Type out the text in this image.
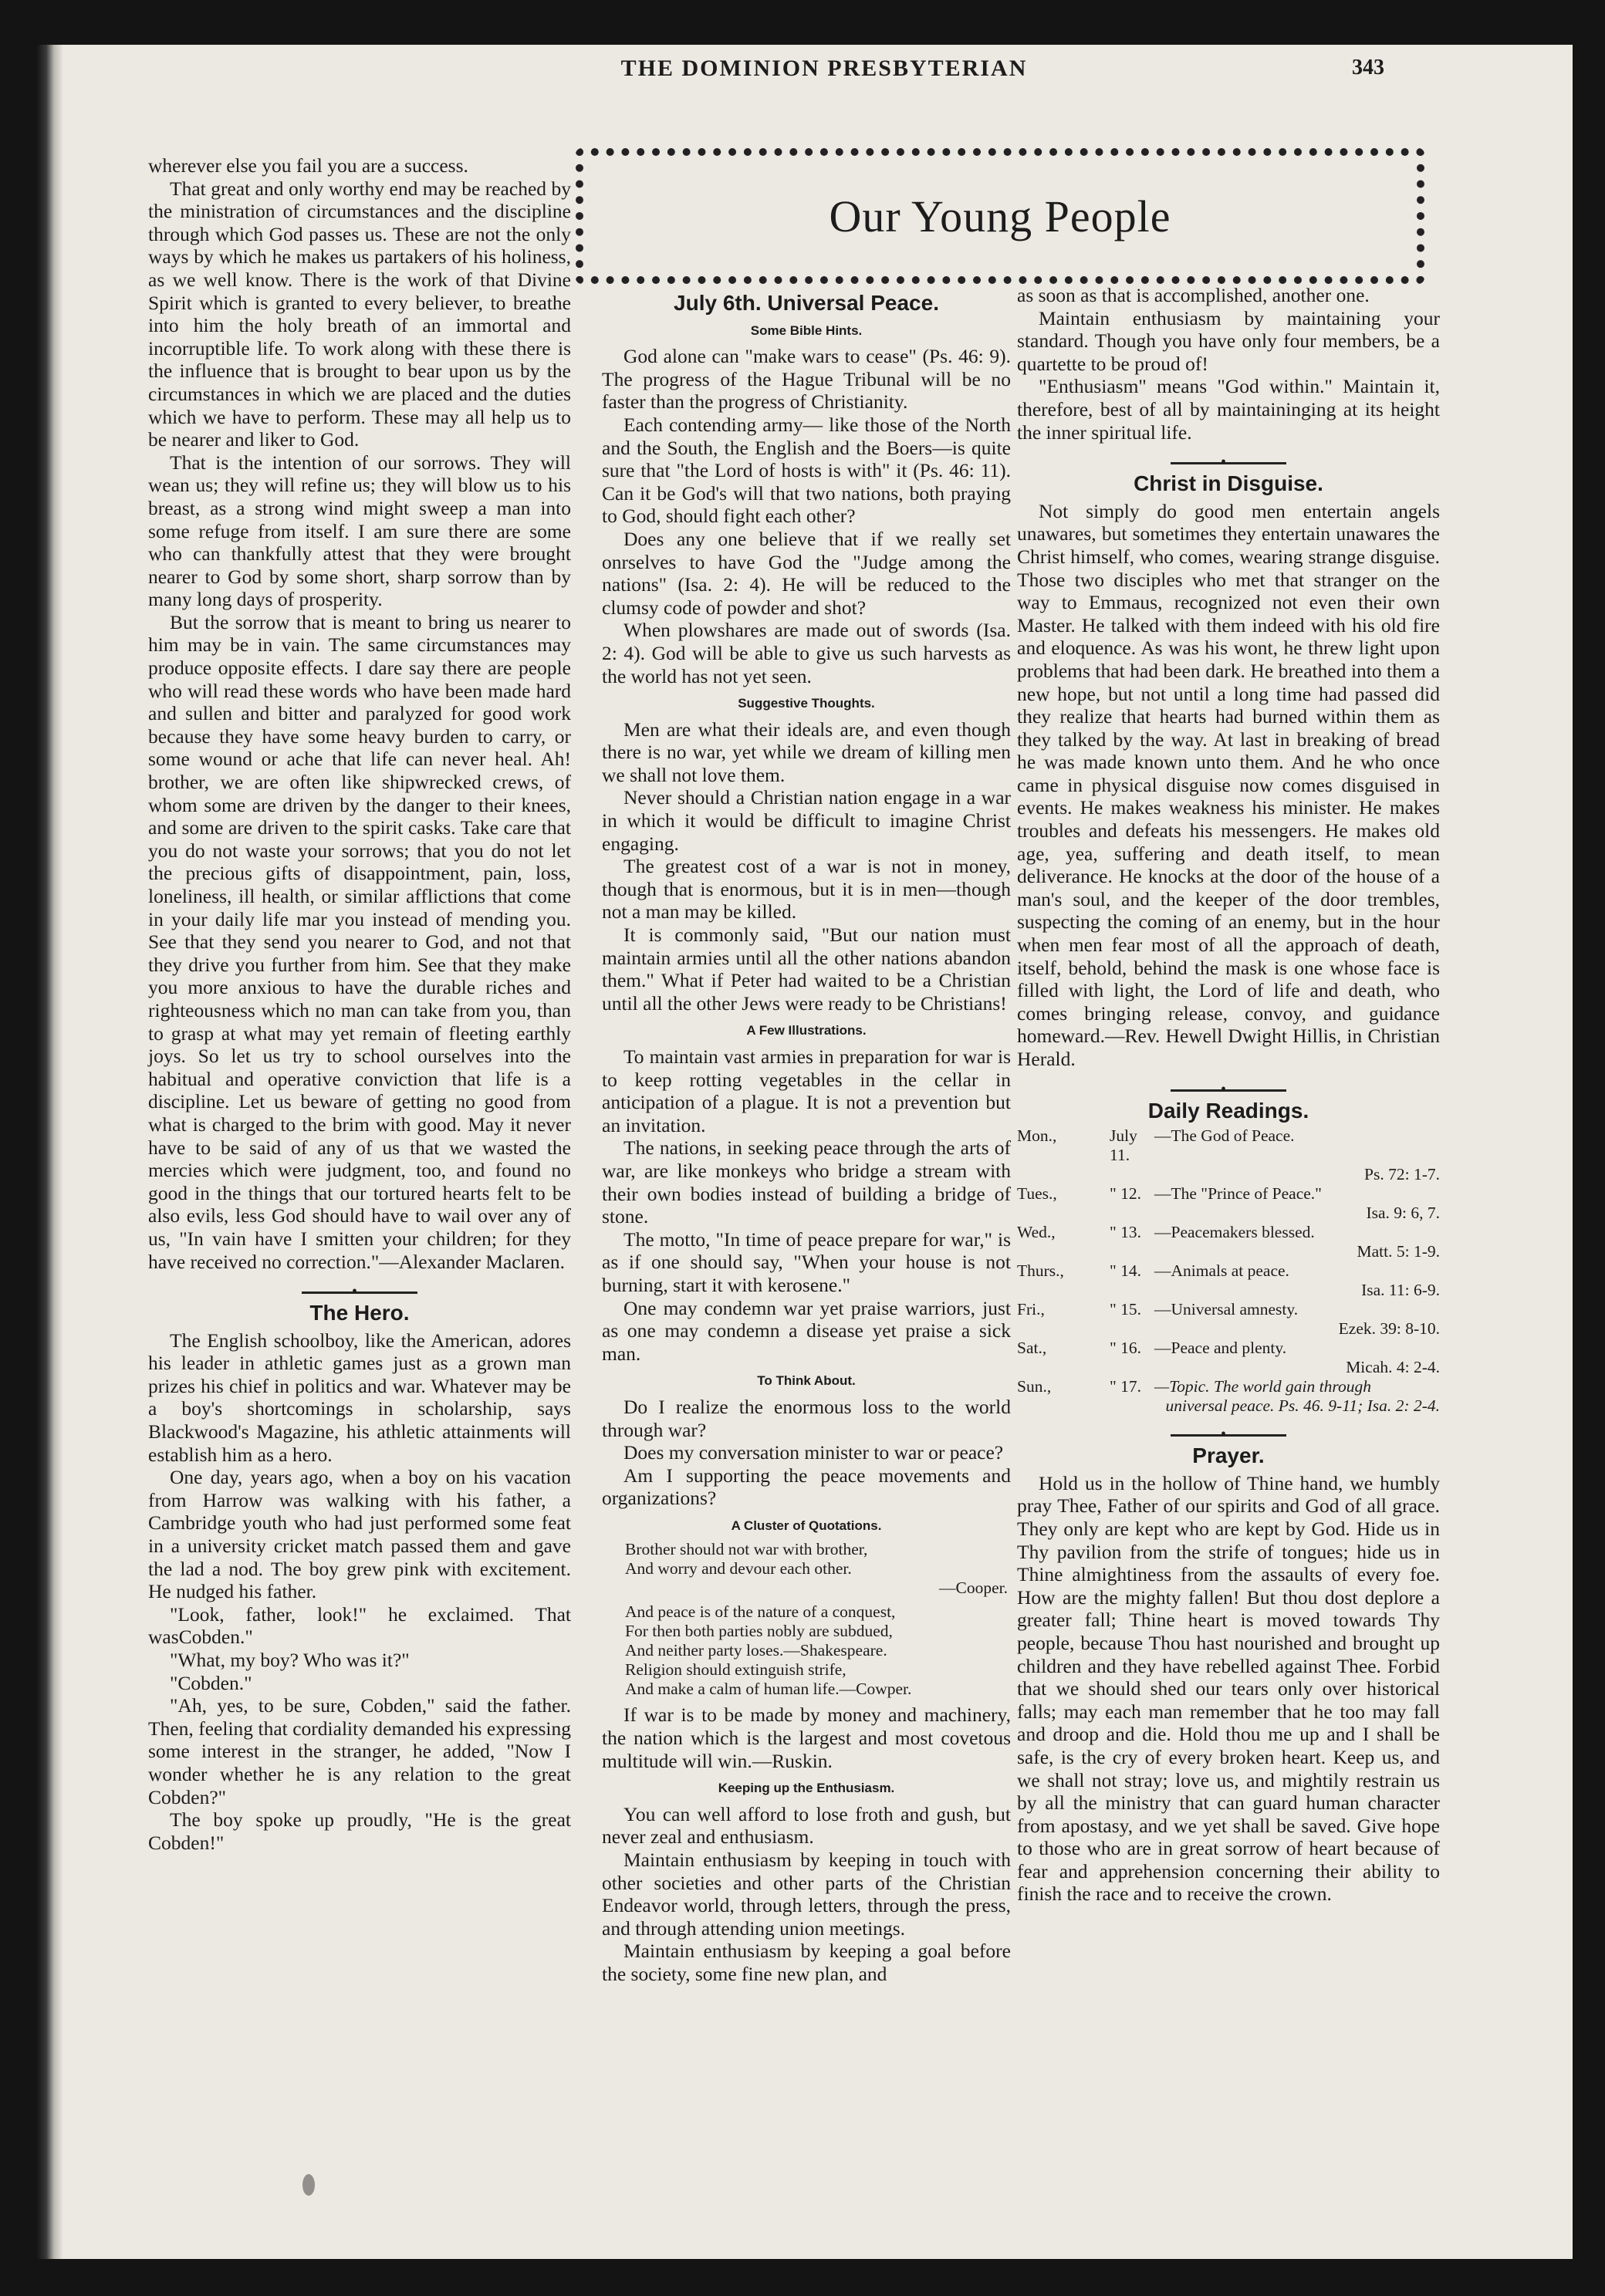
THE DOMINION PRESBYTERIAN	343
Our Young People

wherever else you fail you are a success.

That great and only worthy end may be reached by the ministration of circumstances and the discipline through which God passes us. These are not the only ways by which he makes us partakers of his holiness, as we well know. There is the work of that Divine Spirit which is granted to every believer, to breathe into him the holy breath of an immortal and incorruptible life. To work along with these there is the influence that is brought to bear upon us by the circumstances in which we are placed and the duties which we have to perform. These may all help us to be nearer and liker to God.

That is the intention of our sorrows. They will wean us; they will refine us; they will blow us to his breast, as a strong wind might sweep a man into some refuge from itself. I am sure there are some who can thankfully attest that they were brought nearer to God by some short, sharp sorrow than by many long days of prosperity.

But the sorrow that is meant to bring us nearer to him may be in vain. The same circumstances may produce opposite effects. I dare say there are people who will read these words who have been made hard and sullen and bitter and paralyzed for good work because they have some heavy burden to carry, or some wound or ache that life can never heal. Ah! brother, we are often like shipwrecked crews, of whom some are driven by the danger to their knees, and some are driven to the spirit casks. Take care that you do not waste your sorrows; that you do not let the precious gifts of disappointment, pain, loss, loneliness, ill health, or similar afflictions that come in your daily life mar you instead of mending you. See that they send you nearer to God, and not that they drive you further from him. See that they make you more anxious to have the durable riches and righteousness which no man can take from you, than to grasp at what may yet remain of fleeting earthly joys. So let us try to school ourselves into the habitual and operative conviction that life is a discipline. Let us beware of getting no good from what is charged to the brim with good. May it never have to be said of any of us that we wasted the mercies which were judgment, too, and found no good in the things that our tortured hearts felt to be also evils, less God should have to wail over any of us, "In vain have I smitten your children; for they have received no correction."—Alexander Maclaren.

•
The Hero.

The English schoolboy, like the American, adores his leader in athletic games just as a grown man prizes his chief in politics and war. Whatever may be a boy's shortcomings in scholarship, says Blackwood's Magazine, his athletic attainments will establish him as a hero.

One day, years ago, when a boy on his vacation from Harrow was walking with his father, a Cambridge youth who had just performed some feat in a university cricket match passed them and gave the lad a nod. The boy grew pink with excitement. He nudged his father.

"Look, father, look!" he exclaimed. That wasCobden."

"What, my boy? Who was it?"

"Cobden."

"Ah, yes, to be sure, Cobden," said the father. Then, feeling that cordiality demanded his expressing some interest in the stranger, he added, "Now I wonder whether he is any relation to the great Cobden?"

The boy spoke up proudly, "He is the great Cobden!"

July 6th. Universal Peace.
Some Bible Hints.

God alone can "make wars to cease" (Ps. 46: 9). The progress of the Hague Tribunal will be no faster than the progress of Christianity.

Each contending army— like those of the North and the South, the English and the Boers—is quite sure that "the Lord of hosts is with" it (Ps. 46: 11). Can it be God's will that two nations, both praying to God, should fight each other?

Does any one believe that if we really set onrselves to have God the "Judge among the nations" (Isa. 2: 4). He will be reduced to the clumsy code of powder and shot?

When plowshares are made out of swords (Isa. 2: 4). God will be able to give us such harvests as the world has not yet seen.

Suggestive Thoughts.

Men are what their ideals are, and even though there is no war, yet while we dream of killing men we shall not love them.

Never should a Christian nation engage in a war in which it would be difficult to imagine Christ engaging.

The greatest cost of a war is not in money, though that is enormous, but it is in men—though not a man may be killed.

It is commonly said, "But our nation must maintain armies until all the other nations abandon them." What if Peter had waited to be a Christian until all the other Jews were ready to be Christians!

A Few Illustrations.

To maintain vast armies in preparation for war is to keep rotting vegetables in the cellar in anticipation of a plague. It is not a prevention but an invitation.

The nations, in seeking peace through the arts of war, are like monkeys who bridge a stream with their own bodies instead of building a bridge of stone.

The motto, "In time of peace prepare for war," is as if one should say, "When your house is not burning, start it with kerosene."

One may condemn war yet praise warriors, just as one may condemn a disease yet praise a sick man.

To Think About.

Do I realize the enormous loss to the world through war?

Does my conversation minister to war or peace?

Am I supporting the peace movements and organizations?

A Cluster of Quotations.
Brother should not war with brother,
And worry and devour each other.
—Cooper.
And peace is of the nature of a conquest,
For then both parties nobly are subdued,
And neither party loses.—Shakespeare.
Religion should extinguish strife,
And make a calm of human life.—Cowper.

If war is to be made by money and machinery, the nation which is the largest and most covetous multitude will win.—Ruskin.

Keeping up the Enthusiasm.

You can well afford to lose froth and gush, but never zeal and enthusiasm.

Maintain enthusiasm by keeping in touch with other societies and other parts of the Christian Endeavor world, through letters, through the press, and through attending union meetings.

Maintain enthusiasm by keeping a goal before the society, some fine new plan, and

as soon as that is accomplished, another one.

Maintain enthusiasm by maintaining your standard. Though you have only four members, be a quartette to be proud of!

"Enthusiasm" means "God within." Maintain it, therefore, best of all by maintaininging at its height the inner spiritual life.

•
Christ in Disguise.

Not simply do good men entertain angels unawares, but sometimes they entertain unawares the Christ himself, who comes, wearing strange disguise. Those two disciples who met that stranger on the way to Emmaus, recognized not even their own Master. He talked with them indeed with his old fire and eloquence. As was his wont, he threw light upon problems that had been dark. He breathed into them a new hope, but not until a long time had passed did they realize that hearts had burned within them as they talked by the way. At last in breaking of bread he was made known unto them. And he who once came in physical disguise now comes disguised in events. He makes weakness his minister. He makes troubles and defeats his messengers. He makes old age, yea, suffering and death itself, to mean deliverance. He knocks at the door of the house of a man's soul, and the keeper of the door trembles, suspecting the coming of an enemy, but in the hour when men fear most of all the approach of death, itself, behold, behind the mask is one whose face is filled with light, the Lord of life and death, who comes bringing release, convoy, and guidance homeward.—Rev. Hewell Dwight Hillis, in Christian Herald.

•
Daily Readings.
Mon.,	July 11.
—The God of Peace.
Ps. 72: 1-7.
Tues.,	" 12. —The "Prince of Peace."
Isa. 9: 6, 7.
Wed.,	" 13. —Peacemakers blessed.
Matt. 5: 1-9.
Thurs.,	" 14. —Animals at peace.
Isa. 11: 6-9.
Fri.,	" 15. —Universal amnesty.
Ezek. 39: 8-10.
Sat.,	" 16. —Peace and plenty.
Micah. 4: 2-4.
Sun.,	" 17. —Topic. The world gain through
universal peace. Ps. 46. 9-11; Isa. 2: 2-4.
•
Prayer.

Hold us in the hollow of Thine hand, we humbly pray Thee, Father of our spirits and God of all grace. They only are kept who are kept by God. Hide us in Thy pavilion from the strife of tongues; hide us in Thine almightiness from the assaults of every foe. How are the mighty fallen! But thou dost deplore a greater fall; Thine heart is moved towards Thy people, because Thou hast nourished and brought up children and they have rebelled against Thee. Forbid that we should shed our tears only over historical falls; may each man remember that he too may fall and droop and die. Hold thou me up and I shall be safe, is the cry of every broken heart. Keep us, and we shall not stray; love us, and mightily restrain us by all the ministry that can guard human character from apostasy, and we yet shall be saved. Give hope to those who are in great sorrow of heart because of fear and apprehension concerning their ability to finish the race and to receive the crown.
